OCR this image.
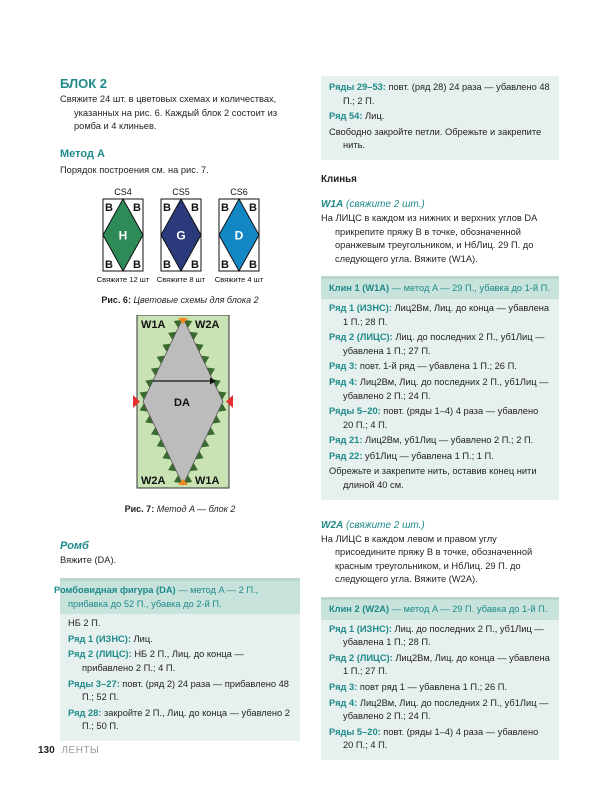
БЛОК 2

Свяжите 24 шт. в цветовых схемах и количествах, указанных на рис. 6. Каждый блок 2 состоит из ромба и 4 клиньев.

Метод A

Порядок построения см. на рис. 7.

CS4
H
B B
B B
Свяжите 12 шт
CS5
G
B B
B B
Свяжите 8 шт
CS6
D
B B
B B
Свяжите 4 шт
Рис. 6: Цветовые схемы для блока 2
W1A	W2A
W2A	W1A
DA
Рис. 7: Метод A — блок 2
Ромб

Вяжите (DA).

Ромбовидная фигура (DA) — метод A — 2 П., прибавка до 52 П., убавка до 2-й П.
НБ 2 П.
Ряд 1 (ИЗНС): Лиц.
Ряд 2 (ЛИЦС): НБ 2 П., Лиц. до конца — прибавлено 2 П.; 4 П.
Ряды 3–27: повт. (ряд 2) 24 раза — прибавлено 48 П.; 52 П.
Ряд 28: закройте 2 П., Лиц. до конца — убавлено 2 П.; 50 П.
Ряды 29–53: повт. (ряд 28) 24 раза — убавлено 48 П.; 2 П.
Ряд 54: Лиц.
Свободно закройте петли. Обрежьте и закрепите нить.
Клинья
W1A (свяжите 2 шт.)

На ЛИЦС в каждом из нижних и верхних углов DA прикрепите пряжу B в точке, обозначенной оранжевым треугольником, и НбЛиц. 29 П. до следующего угла. Вяжите (W1A).

Клин 1 (W1A) — метод A — 29 П., убавка до 1-й П.
Ряд 1 (ИЗНС): Лиц2Вм, Лиц. до конца — убавлена 1 П.; 28 П.
Ряд 2 (ЛИЦС): Лиц. до последних 2 П., уб1Лиц — убавлена 1 П.; 27 П.
Ряд 3: повт. 1-й ряд — убавлена 1 П.; 26 П.
Ряд 4: Лиц2Вм, Лиц. до последних 2 П., уб1Лиц — убавлено 2 П.; 24 П.
Ряды 5–20: повт. (ряды 1–4) 4 раза — убавлено 20 П.; 4 П.
Ряд 21: Лиц2Вм, уб1Лиц — убавлено 2 П.; 2 П.
Ряд 22: уб1Лиц — убавлена 1 П.; 1 П.
Обрежьте и закрепите нить, оставив конец нити длиной 40 см.
W2A (свяжите 2 шт.)

На ЛИЦС в каждом левом и правом углу присоедините пряжу B в точке, обозначенной красным треугольником, и НбЛиц. 29 П. до следующего угла. Вяжите (W2A).

Клин 2 (W2A) — метод A — 29 П. убавка до 1-й П.
Ряд 1 (ИЗНС): Лиц. до последних 2 П., уб1Лиц — убавлена 1 П.; 28 П.
Ряд 2 (ЛИЦС): Лиц2Вм, Лиц. до конца — убавлена 1 П.; 27 П.
Ряд 3: повт ряд 1 — убавлена 1 П.; 26 П.
Ряд 4: Лиц2Вм, Лиц. до последних 2 П., уб1Лиц — убавлено 2 П.; 24 П.
Ряды 5–20: повт. (ряды 1–4) 4 раза — убавлено 20 П.; 4 П.
130 ЛЕНТЫ
